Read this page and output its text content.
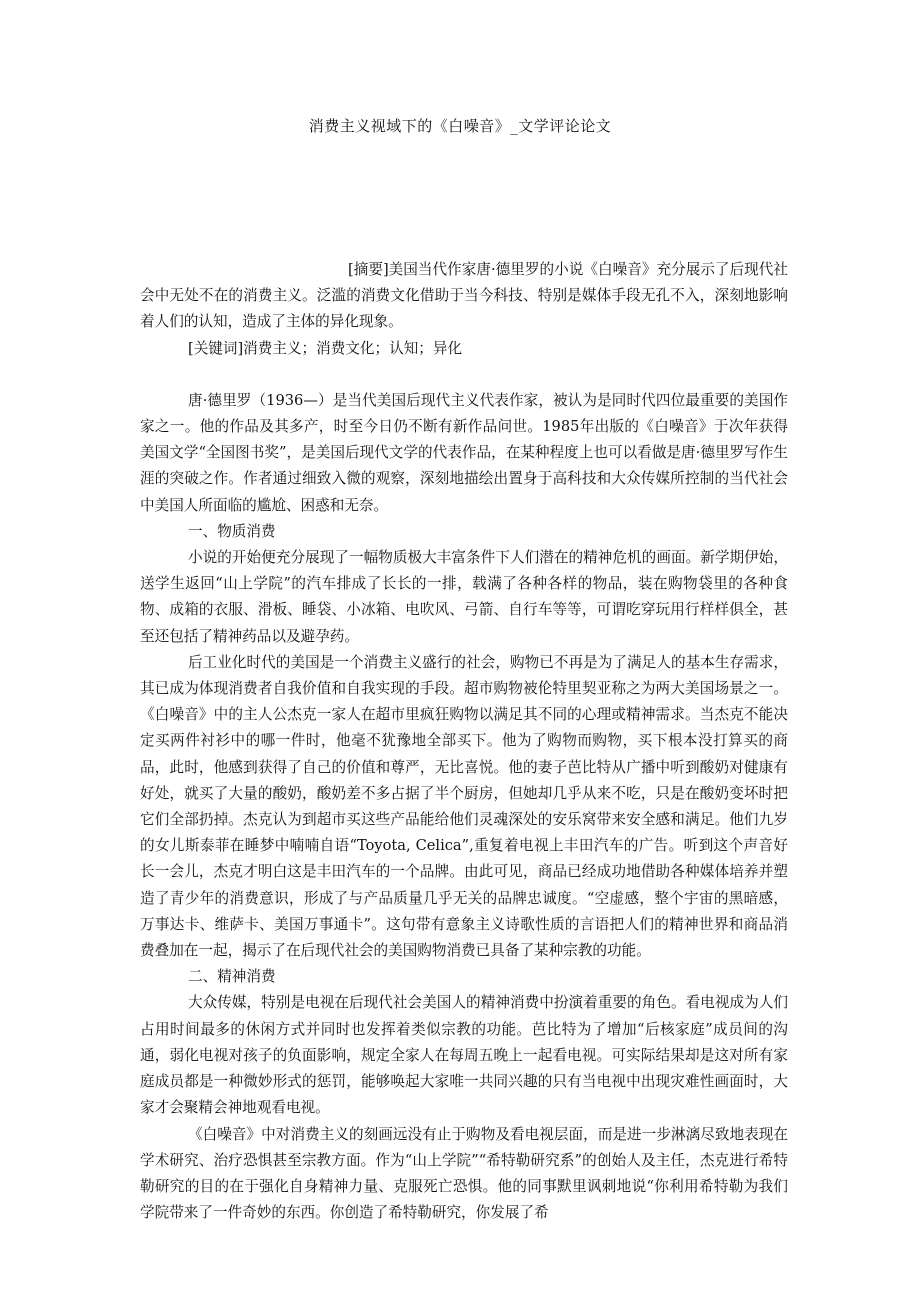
消费主义视域下的《白噪音》_文学评论论文

[摘要]美国当代作家唐·德里罗的小说《白噪音》充分展示了后现代社会中无处不在的消费主义。泛滥的消费文化借助于当今科技、特别是媒体手段无孔不入，深刻地影响着人们的认知，造成了主体的异化现象。

[关键词]消费主义；消费文化；认知；异化

唐·德里罗（1936—）是当代美国后现代主义代表作家，被认为是同时代四位最重要的美国作家之一。他的作品及其多产，时至今日仍不断有新作品问世。1985年出版的《白噪音》于次年获得美国文学“全国图书奖”，是美国后现代文学的代表作品，在某种程度上也可以看做是唐·德里罗写作生涯的突破之作。作者通过细致入微的观察，深刻地描绘出置身于高科技和大众传媒所控制的当代社会中美国人所面临的尴尬、困惑和无奈。

一、物质消费

小说的开始便充分展现了一幅物质极大丰富条件下人们潜在的精神危机的画面。新学期伊始，送学生返回“山上学院”的汽车排成了长长的一排，载满了各种各样的物品，装在购物袋里的各种食物、成箱的衣服、滑板、睡袋、小冰箱、电吹风、弓箭、自行车等等，可谓吃穿玩用行样样俱全，甚至还包括了精神药品以及避孕药。

后工业化时代的美国是一个消费主义盛行的社会，购物已不再是为了满足人的基本生存需求，其已成为体现消费者自我价值和自我实现的手段。超市购物被伦特里契亚称之为两大美国场景之一。《白噪音》中的主人公杰克一家人在超市里疯狂购物以满足其不同的心理或精神需求。当杰克不能决定买两件衬衫中的哪一件时，他毫不犹豫地全部买下。他为了购物而购物，买下根本没打算买的商品，此时，他感到获得了自己的价值和尊严，无比喜悦。他的妻子芭比特从广播中听到酸奶对健康有好处，就买了大量的酸奶，酸奶差不多占据了半个厨房，但她却几乎从来不吃，只是在酸奶变坏时把它们全部扔掉。杰克认为到超市买这些产品能给他们灵魂深处的安乐窝带来安全感和满足。他们九岁的女儿斯泰菲在睡梦中喃喃自语“Toyota, Celica”,重复着电视上丰田汽车的广告。听到这个声音好长一会儿，杰克才明白这是丰田汽车的一个品牌。由此可见，商品已经成功地借助各种媒体培养并塑造了青少年的消费意识，形成了与产品质量几乎无关的品牌忠诚度。“空虚感，整个宇宙的黑暗感，万事达卡、维萨卡、美国万事通卡”。这句带有意象主义诗歌性质的言语把人们的精神世界和商品消费叠加在一起，揭示了在后现代社会的美国购物消费已具备了某种宗教的功能。

二、精神消费

大众传媒，特别是电视在后现代社会美国人的精神消费中扮演着重要的角色。看电视成为人们占用时间最多的休闲方式并同时也发挥着类似宗教的功能。芭比特为了增加“后核家庭”成员间的沟通，弱化电视对孩子的负面影响，规定全家人在每周五晚上一起看电视。可实际结果却是这对所有家庭成员都是一种微妙形式的惩罚，能够唤起大家唯一共同兴趣的只有当电视中出现灾难性画面时，大家才会聚精会神地观看电视。

《白噪音》中对消费主义的刻画远没有止于购物及看电视层面，而是进一步淋漓尽致地表现在学术研究、治疗恐惧甚至宗教方面。作为“山上学院”“希特勒研究系”的创始人及主任，杰克进行希特勒研究的目的在于强化自身精神力量、克服死亡恐惧。他的同事默里讽刺地说“你利用希特勒为我们学院带来了一件奇妙的东西。你创造了希特勒研究，你发展了希
